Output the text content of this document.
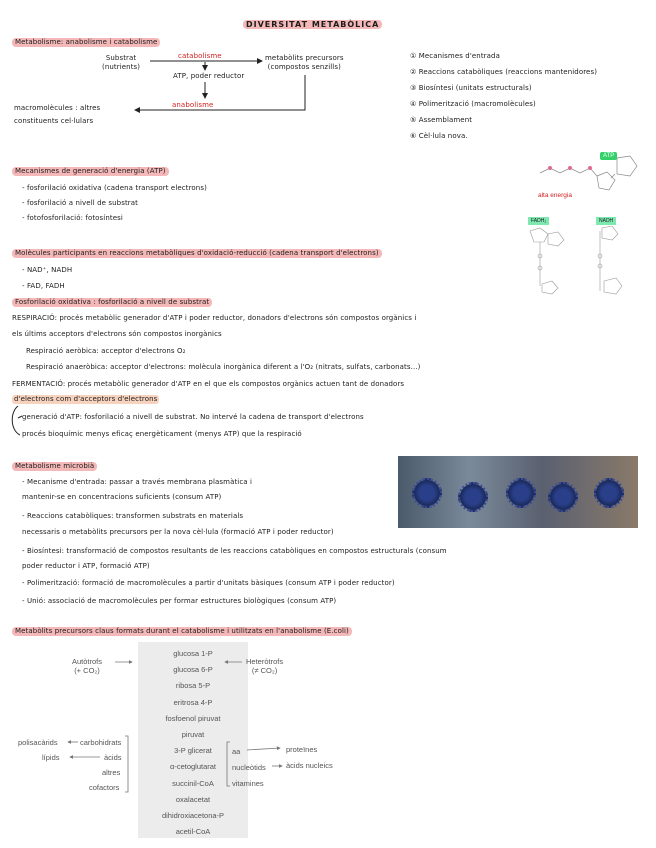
DIVERSITAT METABÒLICA
Metabolisme: anabolisme i catabolisme
Substrat
(nutrients)
catabolisme
ATP, poder reductor
metabòlits precursors
(compostos senzills)
anabolisme
macromolècules : altres
constituents cel·lulars
① Mecanismes d'entrada
② Reaccions catabòliques (reaccions mantenidores)
③ Biosíntesi (unitats estructurals)
④ Polimerització (macromolècules)
⑤ Assemblament
⑥ Cèl·lula nova.
ATP
alta energia
FADH₂	NADH
Mecanismes de generació d'energia (ATP)
- fosforilació oxidativa (cadena transport electrons)
- fosforilació a nivell de substrat
- fotofosforilació: fotosíntesi
Molècules participants en reaccions metabòliques d'oxidació-reducció (cadena transport d'electrons)
- NAD⁺, NADH
- FAD, FADH
Fosforilació oxidativa : fosforilació a nivell de substrat
RESPIRACIÓ: procés metabòlic generador d'ATP i poder reductor, donadors d'electrons són compostos orgànics i
els últims acceptors d'electrons són compostos inorgànics
Respiració aeròbica: acceptor d'electrons O₂
Respiració anaeròbica: acceptor d'electrons: molècula inorgànica diferent a l'O₂ (nitrats, sulfats, carbonats...)
FERMENTACIÓ: procés metabòlic generador d'ATP en el que els compostos orgànics actuen tant de donadors
d'electrons com d'acceptors d'electrons
generació d'ATP: fosforilació a nivell de substrat. No intervé la cadena de transport d'electrons
procés bioquímic menys eficaç energèticament (menys ATP) que la respiració
Metabolisme microbià
- Mecanisme d'entrada: passar a través membrana plasmàtica i
mantenir-se en concentracions suficients (consum ATP)
- Reaccions catabòliques: transformen substrats en materials
necessaris o metabòlits precursors per la nova cèl·lula (formació ATP i poder reductor)
- Biosíntesi: transformació de compostos resultants de les reaccions catabòliques en compostos estructurals (consum
poder reductor i ATP, formació ATP)
- Polimerització: formació de macromolècules a partir d'unitats bàsiques (consum ATP i poder reductor)
- Unió: associació de macromolècules per formar estructures biològiques (consum ATP)
Metabòlits precursors claus formats durant el catabolisme i utilitzats en l'anabolisme (E.coli)
glucosa 1-P
glucosa 6-P
ribosa 5-P
eritrosa 4-P
fosfoenol piruvat
piruvat
3-P glicerat
α-cetoglutarat
succinil-CoA
oxalacetat
dihidroxiacetona-P
acetil-CoA
Autòtrofs
(+ CO₂)
Heteròtrofs
(≠ CO₂)
polisacàrids	carbohidrats
lípids	àcids
altres
cofactors
aa	proteïnes
nucleòtids	àcids nucleics
vitamines
